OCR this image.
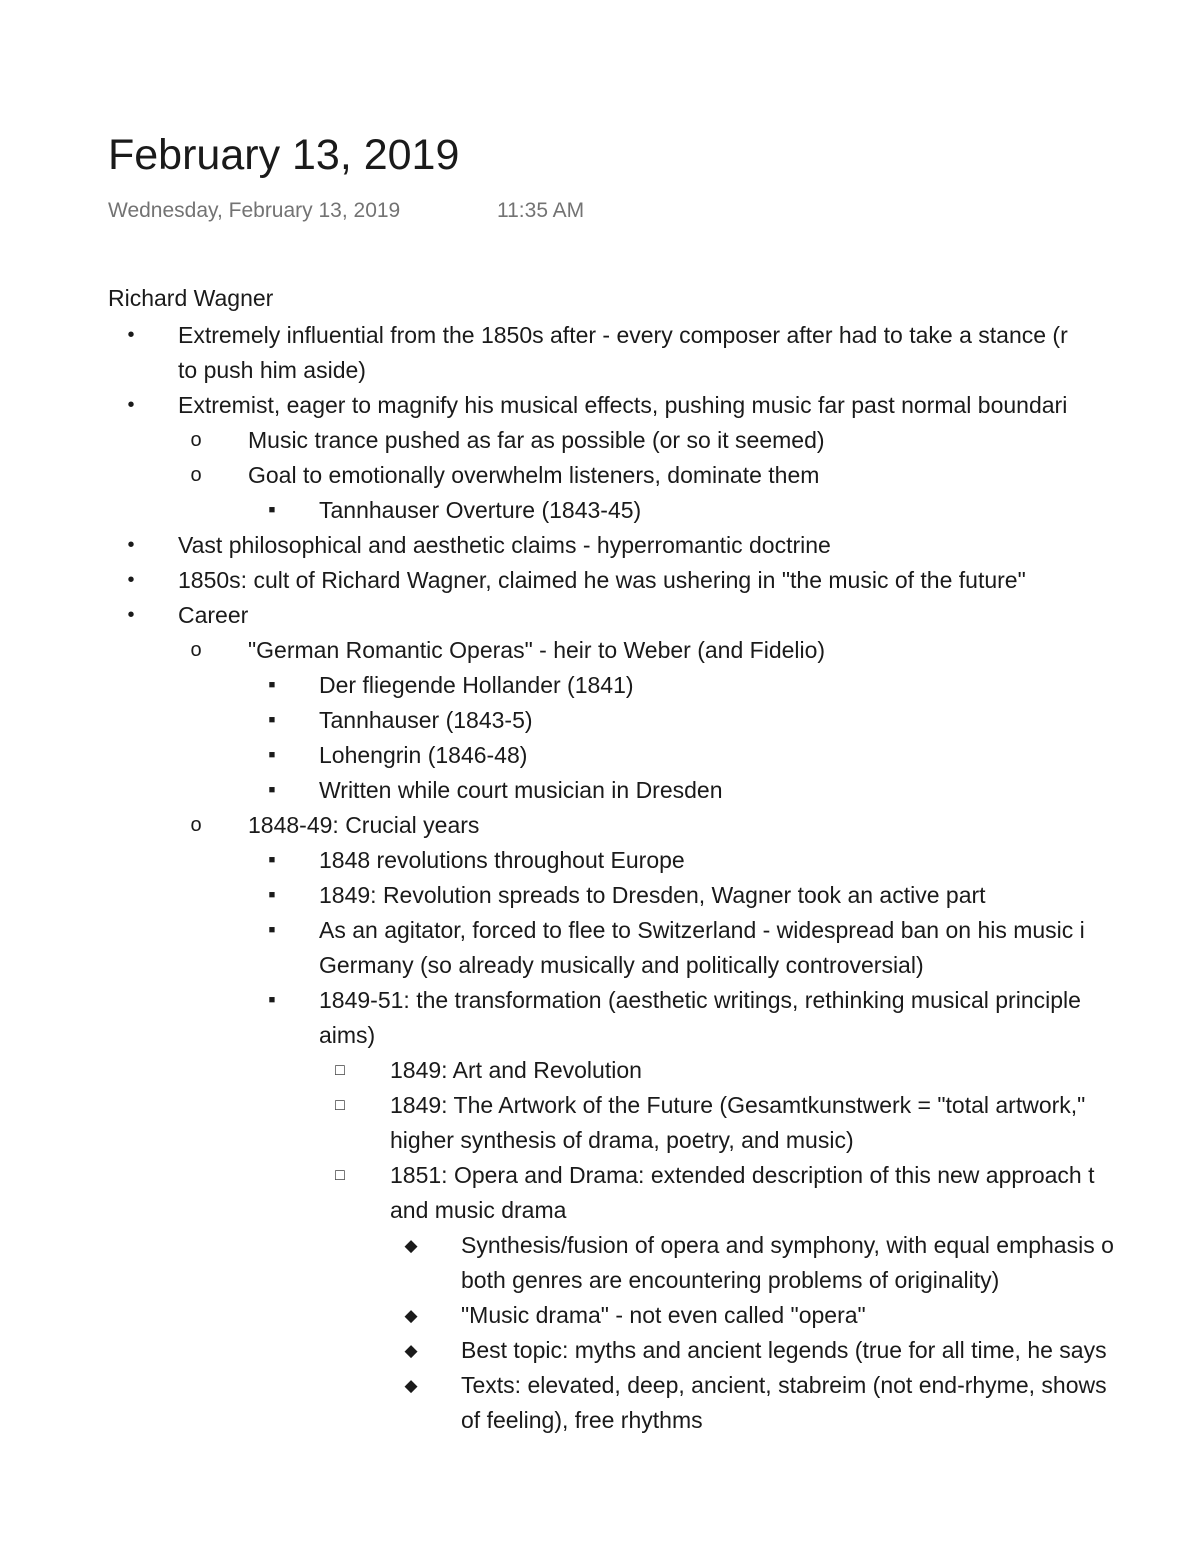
February 13, 2019
Wednesday, February 13, 2019	11:35 AM
Richard Wagner
•	Extremely influential from the 1850s after - every composer after had to take a stance (r
to push him aside)
•	Extremist, eager to magnify his musical effects, pushing music far past normal boundari
o	Music trance pushed as far as possible (or so it seemed)
o	Goal to emotionally overwhelm listeners, dominate them
■	Tannhauser Overture (1843-45)
•	Vast philosophical and aesthetic claims - hyperromantic doctrine
•	1850s: cult of Richard Wagner, claimed he was ushering in "the music of the future"
•	Career
o	"German Romantic Operas" - heir to Weber (and Fidelio)
■	Der fliegende Hollander (1841)
■	Tannhauser (1843-5)
■	Lohengrin (1846-48)
■	Written while court musician in Dresden
o	1848-49: Crucial years
■	1848 revolutions throughout Europe
■	1849: Revolution spreads to Dresden, Wagner took an active part
■	As an agitator, forced to flee to Switzerland - widespread ban on his music i
Germany (so already musically and politically controversial)
■	1849-51: the transformation (aesthetic writings, rethinking musical principle
aims)
□	1849: Art and Revolution
□	1849: The Artwork of the Future (Gesamtkunstwerk = "total artwork,"
higher synthesis of drama, poetry, and music)
□	1851: Opera and Drama: extended description of this new approach t
and music drama
◆	Synthesis/fusion of opera and symphony, with equal emphasis o
both genres are encountering problems of originality)
◆	"Music drama" - not even called "opera"
◆	Best topic: myths and ancient legends (true for all time, he says
◆	Texts: elevated, deep, ancient, stabreim (not end-rhyme, shows
of feeling), free rhythms
